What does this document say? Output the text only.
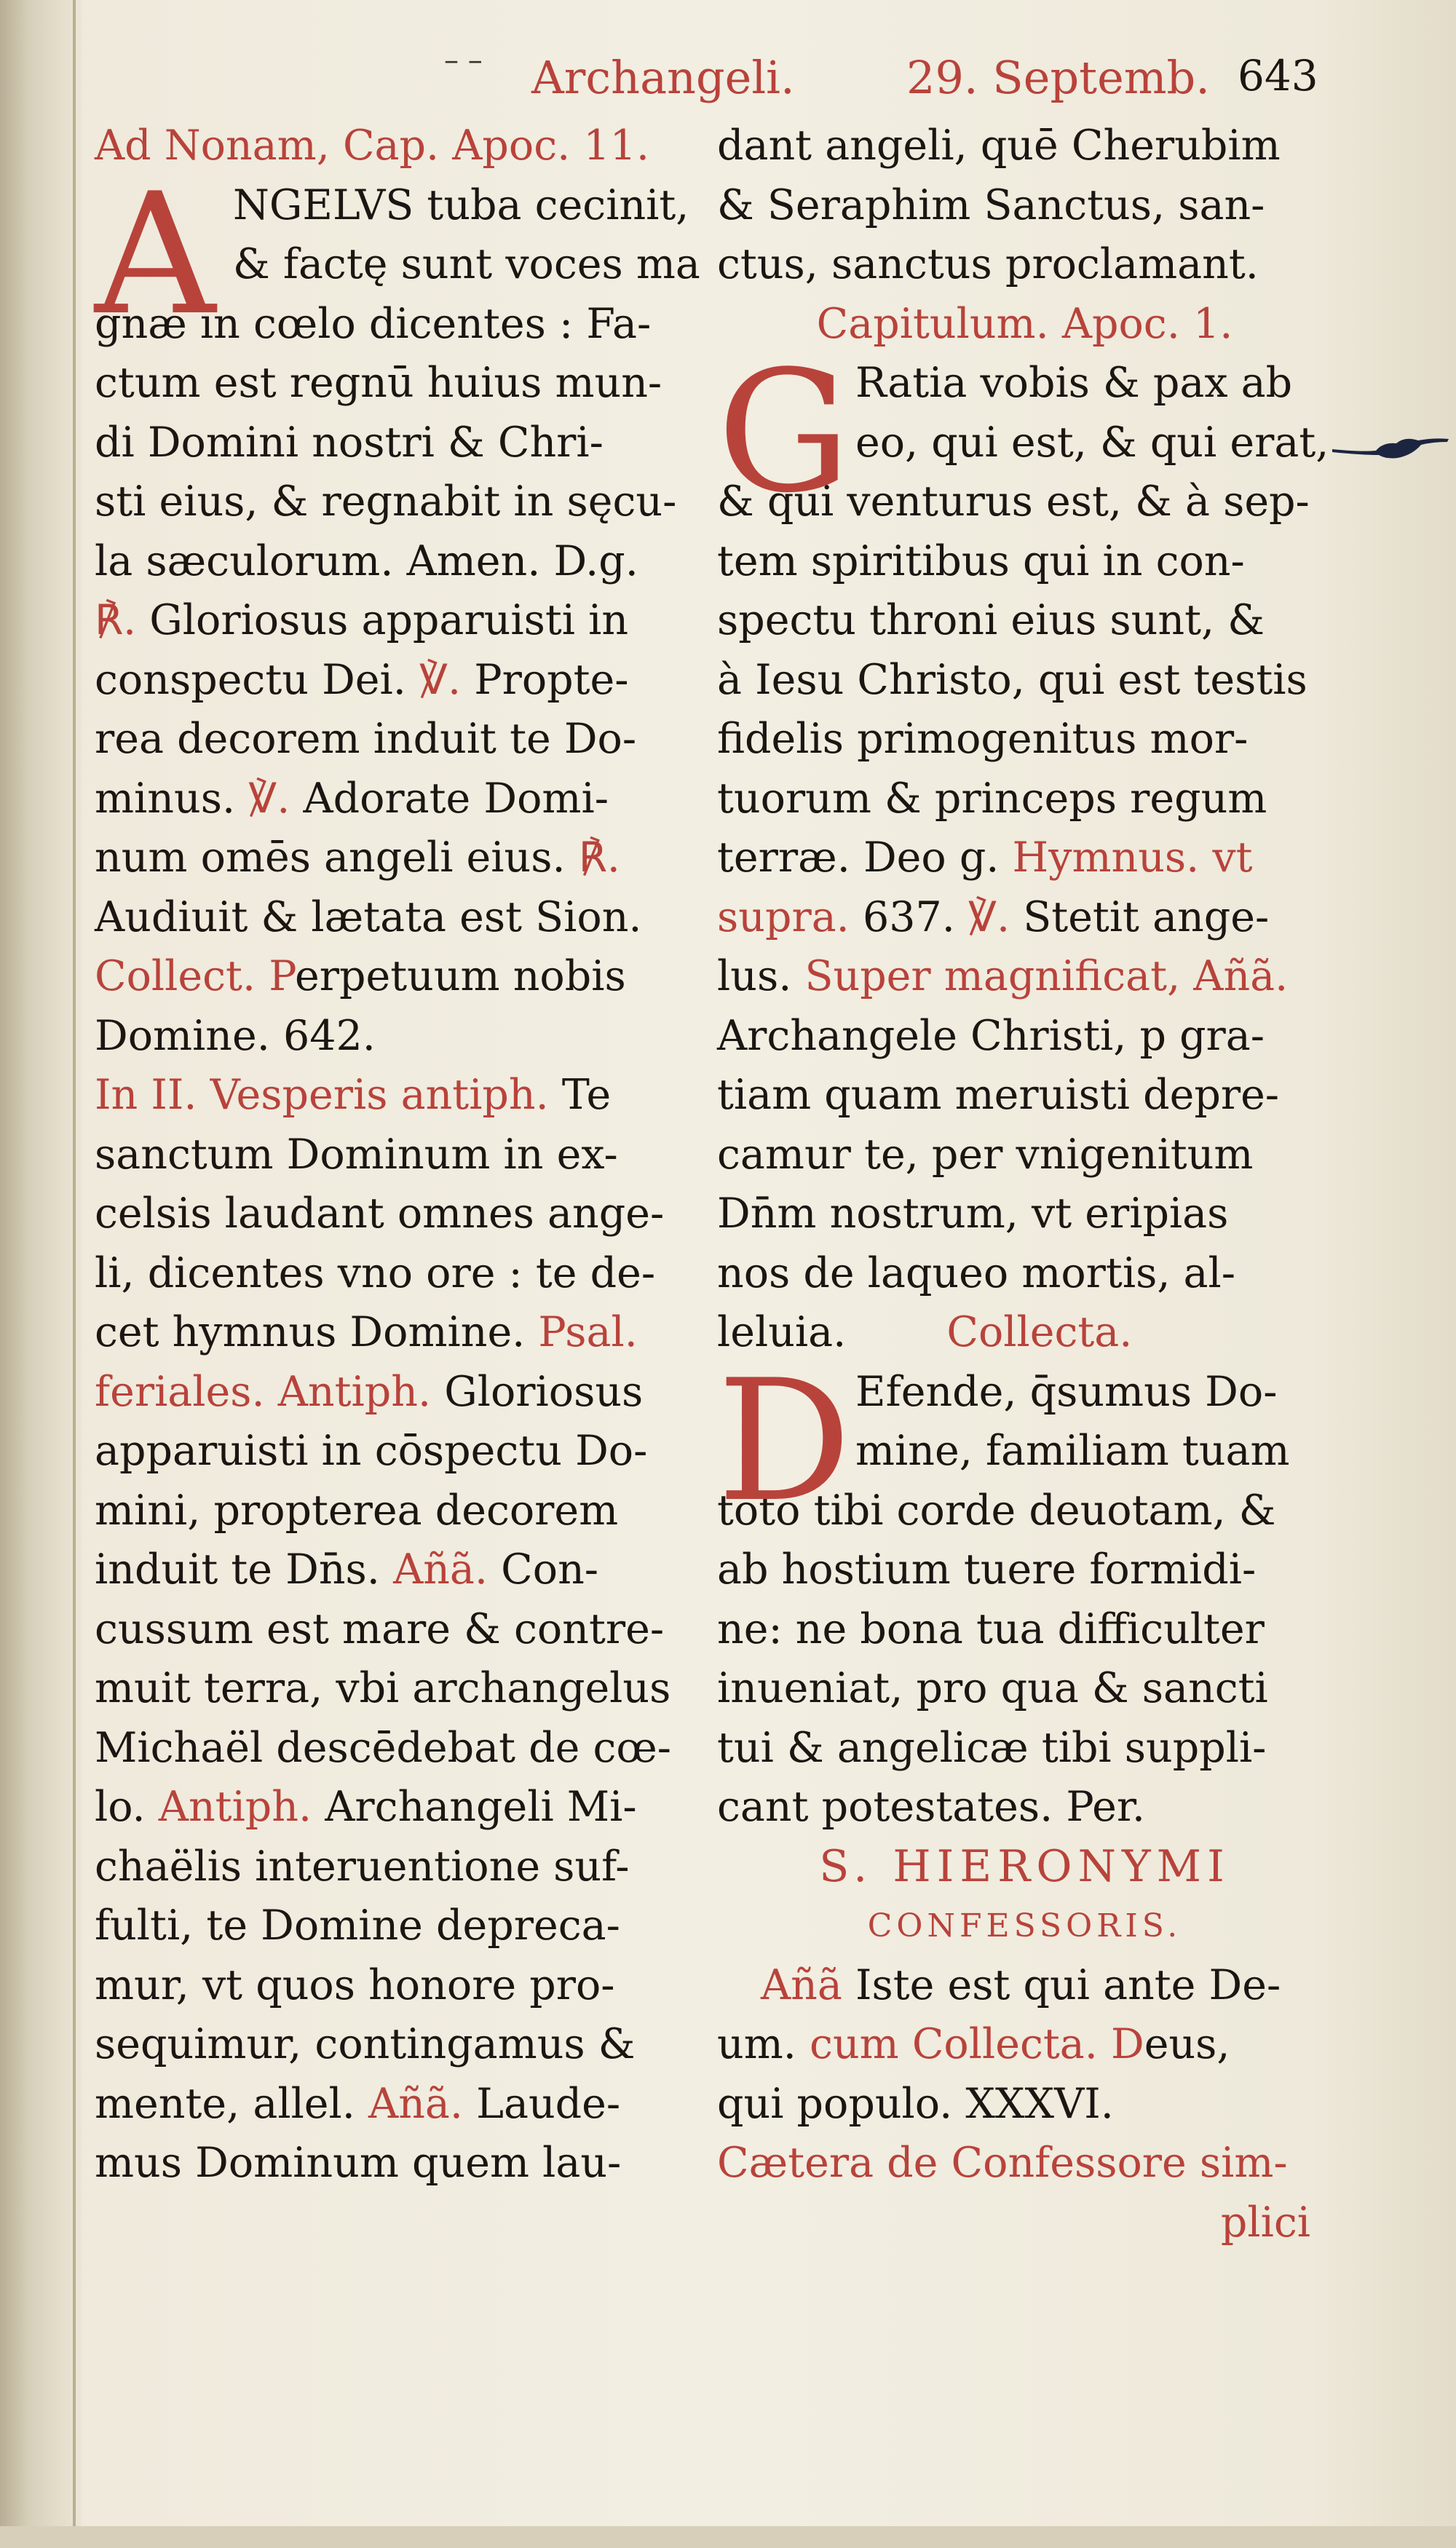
– – Archangeli. 29. Septemb. 643
Ad Nonam, Cap. Apoc. 11.
A NGELVS tuba cecinit,
& factę sunt voces ma
gnæ in cœlo dicentes : Fa-
ctum est regnū huius mun-
di Domini nostri & Chri-
sti eius, & regnabit in sęcu-
la sæculorum. Amen. D.g.
℟. Gloriosus apparuisti in
conspectu Dei. ℣. Propte-
rea decorem induit te Do-
minus. ℣. Adorate Domi-
num omēs angeli eius. ℟.
Audiuit & lætata est Sion.
Collect. Perpetuum nobis
Domine. 642.
In II. Vesperis antiph. Te
sanctum Dominum in ex-
celsis laudant omnes ange-
li, dicentes vno ore : te de-
cet hymnus Domine. Psal.
feriales. Antiph. Gloriosus
apparuisti in cōspectu Do-
mini, propterea decorem
induit te Dn̄s. Añã. Con-
cussum est mare & contre-
muit terra, vbi archangelus
Michaël descēdebat de cœ-
lo. Antiph. Archangeli Mi-
chaëlis interuentione suf-
fulti, te Domine depreca-
mur, vt quos honore pro-
sequimur, contingamus &
mente, allel. Añã. Laude-
mus Dominum quem lau-
dant angeli, quē Cherubim
& Seraphim Sanctus, san-
ctus, sanctus proclamant.
Capitulum. Apoc. 1.
G Ratia vobis & pax ab
eo, qui est, & qui erat,
& qui venturus est, & à sep-
tem spiritibus qui in con-
spectu throni eius sunt, &
à Iesu Christo, qui est testis
fidelis primogenitus mor-
tuorum & princeps regum
terræ. Deo g. Hymnus. vt
supra. 637. ℣. Stetit ange-
lus. Super magnificat, Añã.
Archangele Christi, p gra-
tiam quam meruisti depre-
camur te, per vnigenitum
Dn̄m nostrum, vt eripias
nos de laqueo mortis, al-
leluia. Collecta.
D Efende, q̄sumus Do-
mine, familiam tuam
toto tibi corde deuotam, &
ab hostium tuere formidi-
ne: ne bona tua difficulter
inueniat, pro qua & sancti
tui & angelicæ tibi suppli-
cant potestates. Per.
S. HIERONYMI
CONFESSORIS.
Añã Iste est qui ante De-
um. cum Collecta. Deus,
qui populo. XXXVI.
Cætera de Confessore sim-
plici
